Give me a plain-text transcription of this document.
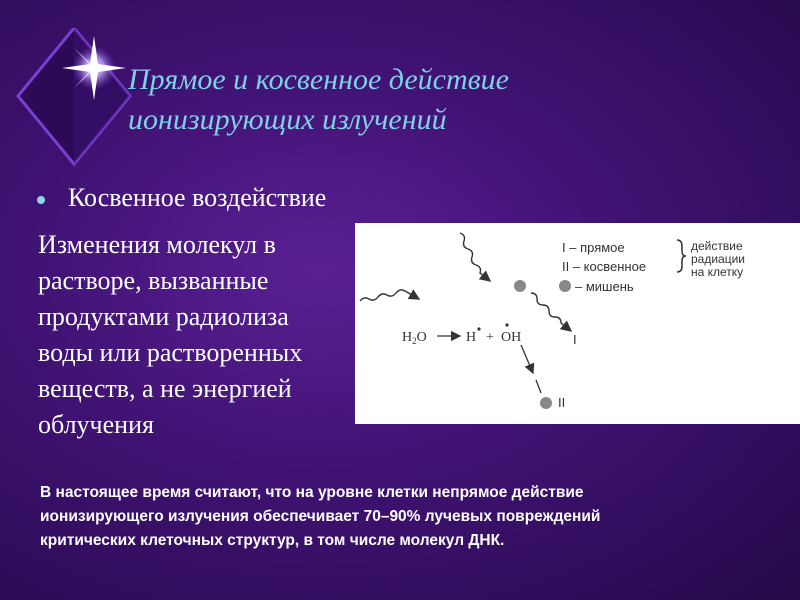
Прямое и косвенное действие
ионизирующих излучений
Косвенное воздействие
Изменения молекул в
растворе, вызванные
продуктами радиолиза
воды или растворенных
веществ, а не энергией
облучения
$H_2O$	H + OH	I
II
I – прямое
II – косвенное
– мишень
действие
радиации
на клетку
В настоящее время считают, что на уровне клетки непрямое действие
ионизирующего излучения обеспечивает 70–90% лучевых повреждений
критических клеточных структур, в том числе молекул ДНК.
